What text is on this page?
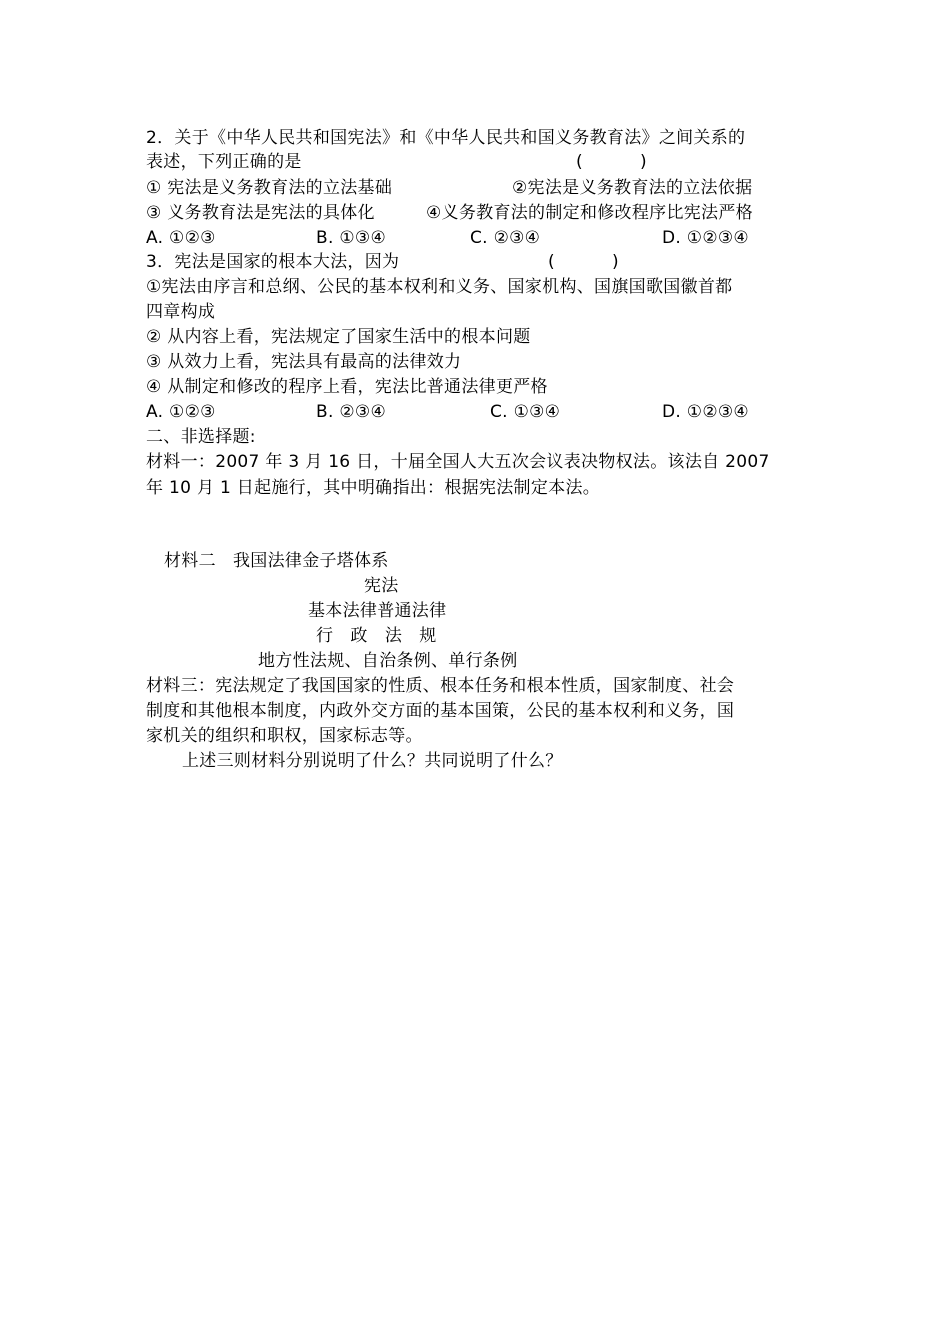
2．关于《中华人民共和国宪法》和《中华人民共和国义务教育法》之间关系的
表述，下列正确的是	(          )
① 宪法是义务教育法的立法基础	②宪法是义务教育法的立法依据
③ 义务教育法是宪法的具体化	④义务教育法的制定和修改程序比宪法严格
A. ①②③	B. ①③④	C. ②③④	D. ①②③④
3．宪法是国家的根本大法，因为	(          )
①宪法由序言和总纲、公民的基本权利和义务、国家机构、国旗国歌国徽首都
四章构成
② 从内容上看，宪法规定了国家生活中的根本问题
③ 从效力上看，宪法具有最高的法律效力
④ 从制定和修改的程序上看，宪法比普通法律更严格
A. ①②③	B. ②③④	C. ①③④	D. ①②③④
二、非选择题:
材料一：2007 年 3 月 16 日，十届全国人大五次会议表决物权法。该法自 2007
年 10 月 1 日起施行，其中明确指出：根据宪法制定本法。
材料二   我国法律金子塔体系
宪法
基本法律普通法律
行   政   法   规
地方性法规、自治条例、单行条例
材料三：宪法规定了我国国家的性质、根本任务和根本性质，国家制度、社会
制度和其他根本制度，内政外交方面的基本国策，公民的基本权利和义务，国
家机关的组织和职权，国家标志等。
上述三则材料分别说明了什么？共同说明了什么？
